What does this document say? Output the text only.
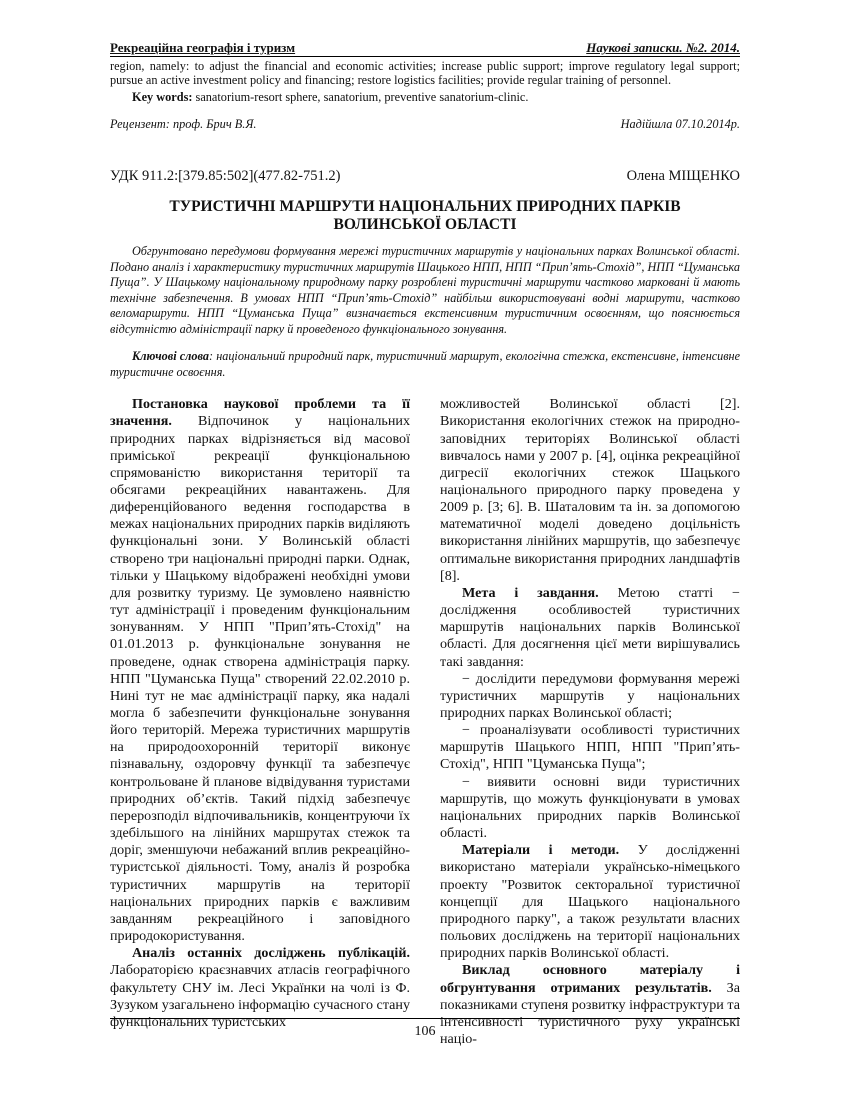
Рекреаційна географія і туризм	Наукові записки. №2. 2014.

region, namely: to adjust the financial and economic activities; increase public support; improve regulatory legal support; pursue an active investment policy and financing; restore logistics facilities; provide regular training of personnel.

Key words: sanatorium-resort sphere, sanatorium, preventive sanatorium-clinic.

Рецензент: проф. Брич В.Я.	Надійшла 07.10.2014р.
УДК 911.2:[379.85:502](477.82-751.2)	Олена МІЩЕНКО
ТУРИСТИЧНІ МАРШРУТИ НАЦІОНАЛЬНИХ ПРИРОДНИХ ПАРКІВ
ВОЛИНСЬКОЇ ОБЛАСТІ

Обгрунтовано передумови формування мережі туристичних маршрутів у національних парках Волинської області. Подано аналіз і характеристику туристичних маршрутів Шацького НПП, НПП “Прип’ять-Стохід”, НПП “Цуманська Пуща”. У Шацькому національному природному парку розроблені туристичні маршрути частково марковані й мають технічне забезпечення. В умовах НПП “Прип’ять-Стохід” найбільш використовувані водні маршрути, частково веломаршрути. НПП “Цуманська Пуща” визначається екстенсивним туристичним освоєнням, що пояснюється відсутністю адміністрації парку й проведеного функціонального зонування.

Ключові слова: національний природний парк, туристичний маршрут, екологічна стежка, екстенсивне, інтенсивне туристичне освоєння.

Постановка наукової проблеми та її значення. Відпочинок у національних природних парках відрізняється від масової приміської рекреації функціональною спрямованістю використання території та обсягами рекреаційних навантажень. Для диференційованого ведення господарства в межах національних природних парків виділяють функціональні зони. У Волинській області створено три національні природні парки. Однак, тільки у Шацькому відображені необхідні умови для розвитку туризму. Це зумовлено наявністю тут адміністрації і проведеним функціональним зонуванням. У НПП "Прип’ять-Стохід" на 01.01.2013 р. функціональне зонування не проведене, однак створена адміністрація парку. НПП "Цуманська Пуща" створений 22.02.2010 р. Нині тут не має адміністрації парку, яка надалі могла б забезпечити функціональне зонування його територій. Мережа туристичних маршрутів на природоохоронній території виконує пізнавальну, оздоровчу функції та забезпечує контрольоване й планове відвідування туристами природних об’єктів. Такий підхід забезпечує перерозподіл відпочивальників, концентруючи їх здебільшого на лінійних маршрутах стежок та доріг, зменшуючи небажаний вплив рекреаційно-туристської діяльності. Тому, аналіз й розробка туристичних маршрутів на території національних природних парків є важливим завданням рекреаційного і заповідного природокористування.

Аналіз останніх досліджень публікацій. Лабораторією краєзнавчих атласів географічного факультету СНУ ім. Лесі Українки на чолі із Ф. Зузуком узагальнено інформацію сучасного стану функціональних туристських

можливостей Волинської області [2]. Використання екологічних стежок на природно-заповідних територіях Волинської області вивчалось нами у 2007 р. [4], оцінка рекреаційної дигресії екологічних стежок Шацького національного природного парку проведена у 2009 р. [3; 6]. В. Шаталовим та ін. за допомогою математичної моделі доведено доцільність використання лінійних маршрутів, що забезпечує оптимальне використання природних ландшафтів [8].

Мета і завдання. Метою статті − дослідження особливостей туристичних маршрутів національних парків Волинської області. Для досягнення цієї мети вирішувались такі завдання:

− дослідити передумови формування мережі туристичних маршрутів у національних природних парках Волинської області;

− проаналізувати особливості туристичних маршрутів Шацького НПП, НПП "Прип’ять-Стохід", НПП "Цуманська Пуща";

− виявити основні види туристичних маршрутів, що можуть функціонувати в умовах національних природних парків Волинської області.

Матеріали і методи. У дослідженні використано матеріали українсько-німецького проекту "Розвиток секторальної туристичної концепції для Шацького національного природного парку", а також результати власних польових досліджень на території національних природних парків Волинської області.

Виклад основного матеріалу і обгрунтування отриманих результатів. За показниками ступеня розвитку інфраструктури та інтенсивності туристичного руху українські націо-

106
